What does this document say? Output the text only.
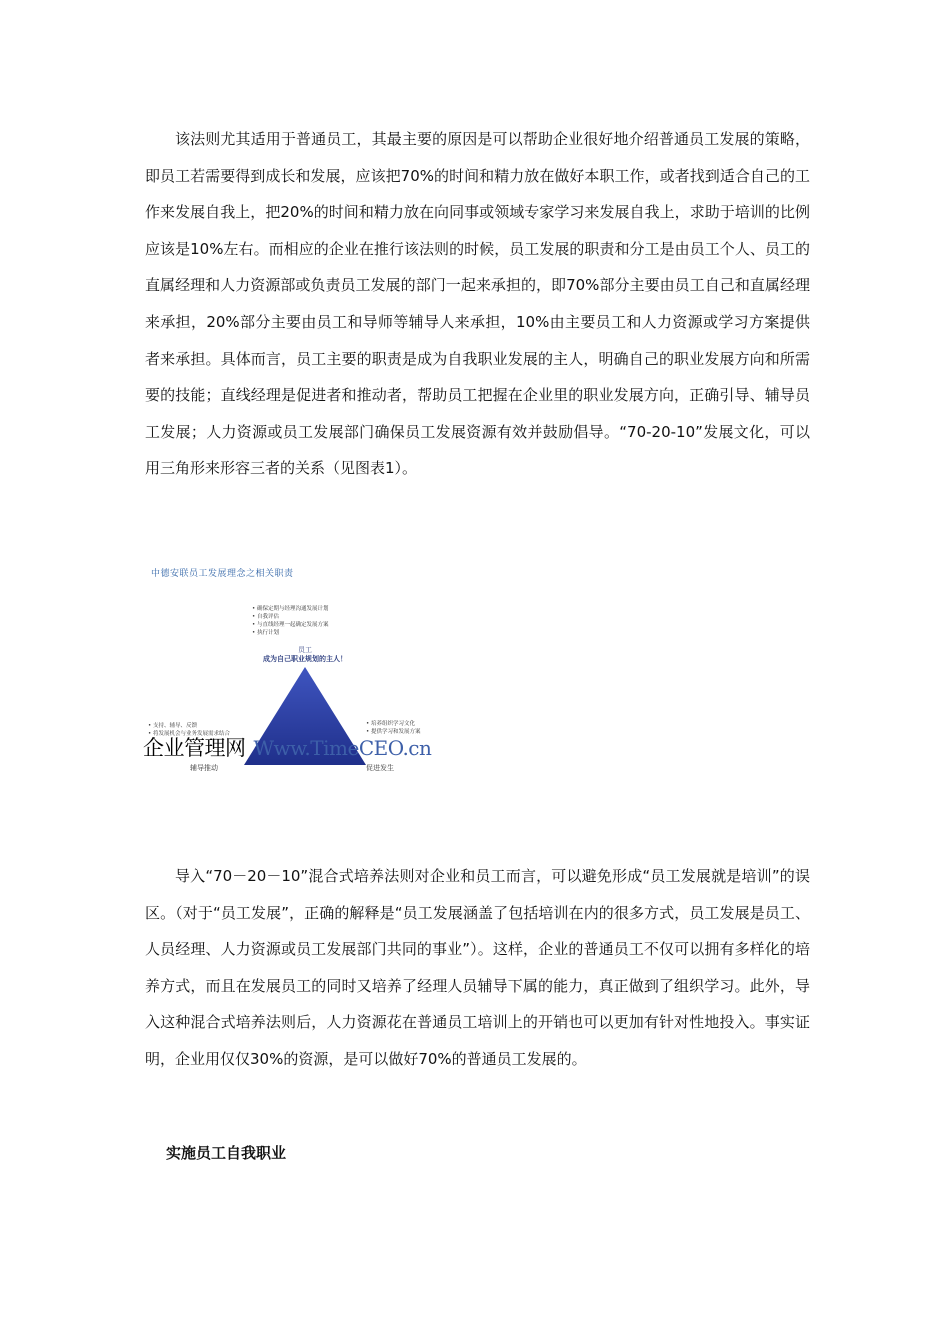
该法则尤其适用于普通员工，其最主要的原因是可以帮助企业很好地介绍普通员工发展的策略，即员工若需要得到成长和发展，应该把70%的时间和精力放在做好本职工作，或者找到适合自己的工作来发展自我上，把20%的时间和精力放在向同事或领域专家学习来发展自我上，求助于培训的比例应该是10%左右。而相应的企业在推行该法则的时候，员工发展的职责和分工是由员工个人、员工的直属经理和人力资源部或负责员工发展的部门一起来承担的，即70%部分主要由员工自己和直属经理来承担，20%部分主要由员工和导师等辅导人来承担，10%由主要员工和人力资源或学习方案提供者来承担。具体而言，员工主要的职责是成为自我职业发展的主人，明确自己的职业发展方向和所需要的技能；直线经理是促进者和推动者，帮助员工把握在企业里的职业发展方向，正确引导、辅导员工发展；人力资源或员工发展部门确保员工发展资源有效并鼓励倡导。“70-20-10”发展文化，可以用三角形来形容三者的关系（见图表1）。

中德安联员工发展理念之相关职责
• 确保定期与经理沟通发展计划
• 自我评估
• 与直线经理一起确定发展方案
• 执行计划
员工
成为自己职业规划的主人！
• 支持、辅导、反馈
• 将发展机会与业务发展需求结合
• 培养组织学习文化
• 提供学习和发展方案
辅导推动	促进发生
企业管理网 Www.TimeCEO.cn

导入“70－20－10”混合式培养法则对企业和员工而言，可以避免形成“员工发展就是培训”的误区。（对于“员工发展”，正确的解释是“员工发展涵盖了包括培训在内的很多方式，员工发展是员工、人员经理、人力资源或员工发展部门共同的事业”）。这样，企业的普通员工不仅可以拥有多样化的培养方式，而且在发展员工的同时又培养了经理人员辅导下属的能力，真正做到了组织学习。此外，导入这种混合式培养法则后，人力资源花在普通员工培训上的开销也可以更加有针对性地投入。事实证明，企业用仅仅30%的资源，是可以做好70%的普通员工发展的。

实施员工自我职业
